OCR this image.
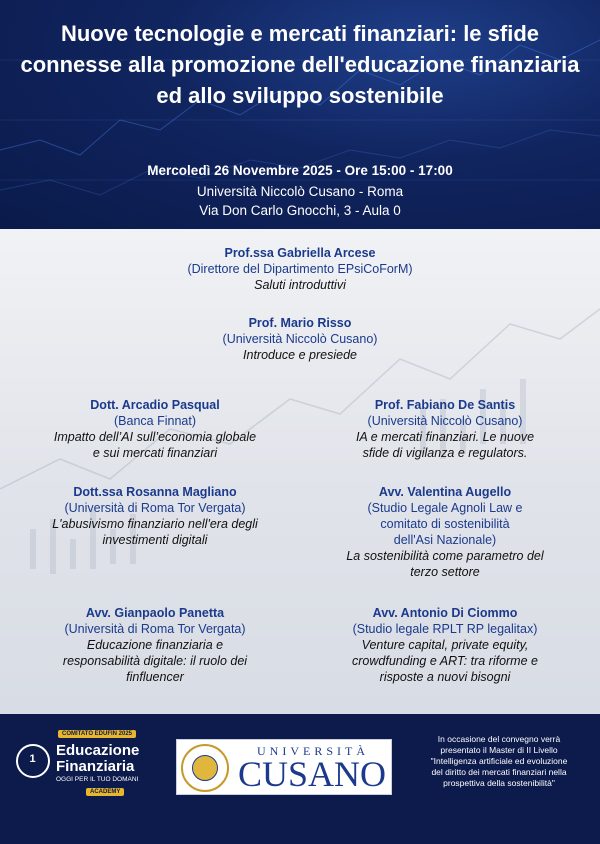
Nuove tecnologie e mercati finanziari: le sfide connesse alla promozione dell'educazione finanziaria ed allo sviluppo sostenibile
Mercoledì 26 Novembre 2025 - Ore 15:00 - 17:00
Università Niccolò Cusano - Roma
Via Don Carlo Gnocchi, 3 - Aula 0
Prof.ssa Gabriella Arcese
(Direttore del Dipartimento EPsiCoForM)
Saluti introduttivi
Prof. Mario Risso
(Università Niccolò Cusano)
Introduce e presiede
Dott. Arcadio Pasqual
(Banca Finnat)
Impatto dell’AI sull’economia globale
e sui mercati finanziari
Prof. Fabiano De Santis
(Università Niccolò Cusano)
IA e mercati finanziari. Le nuove
sfide di vigilanza e regulators.
Dott.ssa Rosanna Magliano
(Università di Roma Tor Vergata)
L'abusivismo finanziario nell'era degli
investimenti digitali
Avv. Valentina Augello
(Studio Legale Agnoli Law e
comitato di sostenibilità
dell'Asi Nazionale)
La sostenibilità come parametro del
terzo settore
Avv. Gianpaolo Panetta
(Università di Roma Tor Vergata)
Educazione finanziaria e
responsabilità digitale: il ruolo dei
finfluencer
Avv. Antonio Di Ciommo
(Studio legale RPLT RP legalitax)
Venture capital, private equity,
crowdfunding e ART: tra riforme e
risposte a nuovi bisogni
COMITATO EDUFIN 2025
1 Educazione
Finanziaria
OGGI PER IL TUO DOMANI
ACADEMY
UNIVERSITÀ
CUSANO
In occasione del convegno verrà
presentato il Master di II Livello
"Intelligenza artificiale ed evoluzione
del diritto dei mercati finanziari nella
prospettiva della sostenibilità"
